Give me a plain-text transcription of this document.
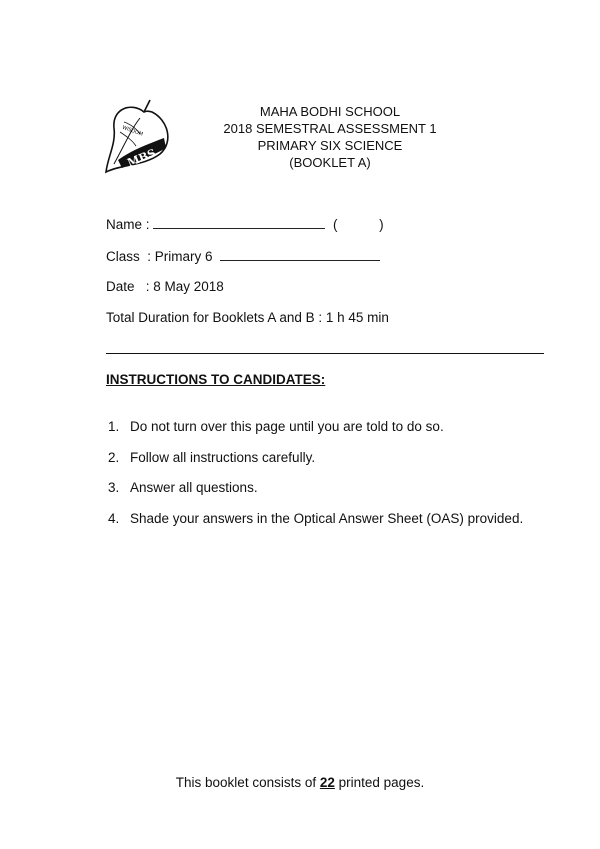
MBS
WISDOM
MAHA BODHI SCHOOL
2018 SEMESTRAL ASSESSMENT 1
PRIMARY SIX SCIENCE
(BOOKLET A)
Name :	(	)
Class  : Primary 6
Date   : 8 May 2018
Total Duration for Booklets A and B : 1 h 45 min
INSTRUCTIONS TO CANDIDATES:
1. Do not turn over this page until you are told to do so.
2. Follow all instructions carefully.
3. Answer all questions.
4. Shade your answers in the Optical Answer Sheet (OAS) provided.
This booklet consists of 22 printed pages.
